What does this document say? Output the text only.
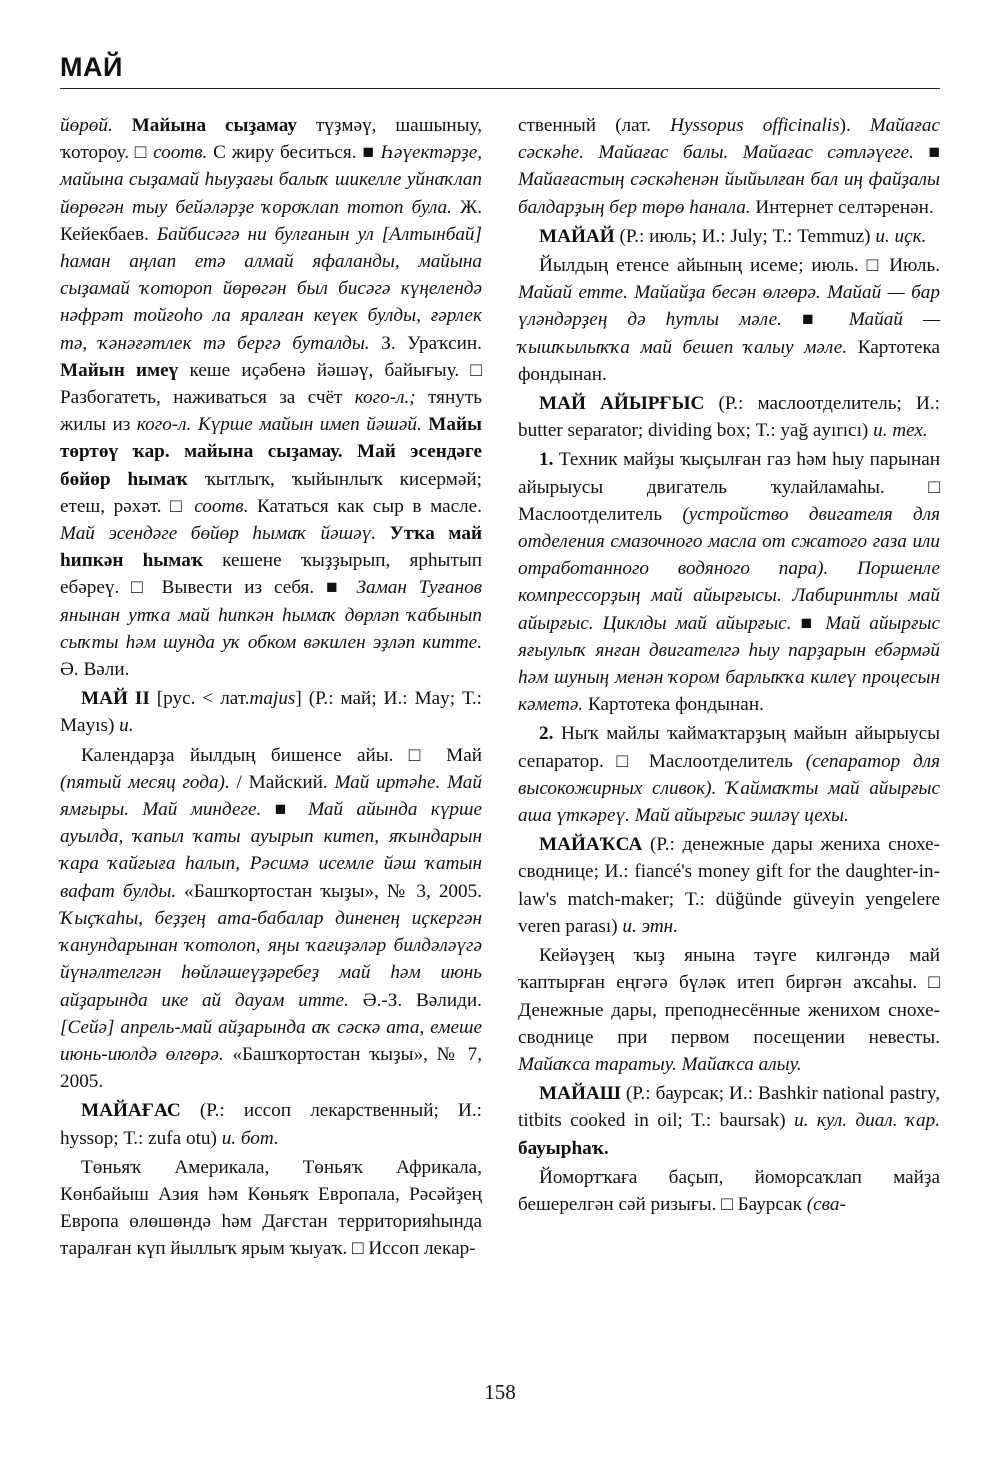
МАЙ

йөрөй. Майына сыҙамау түҙмәү, шашыныу, ҡотороу. □ соотв. С жиру беситься. ■ Һәүектәрҙе, майына сыҙамай һыуҙағы балыҡ шикелле уйнаҡлап йөрөгән тыу бейәләрҙе ҡороҡлап тотоп була. Ж. Кейекбаев. Байбисәгә ни булғанын ул [Алтынбай] һаман аңлап етә алмай яфаланды, майына сыҙамай ҡотороп йөрөгән был бисәгә күңелендә нәфрәт тойғоһо ла яралған кеүек булды, ғәрлек тә, ҡәнәғәтлек тә бергә буталды. З. Ураҡсин. Майын имеү кеше иҫәбенә йәшәү, байығыу. □ Разбогатеть, наживаться за счёт кого-л.; тянуть жилы из кого-л. Күрше майын имеп йәшәй. Майы төртөү ҡар. майына сыҙамау. Май эсендәге бөйөр һымаҡ ҡытлыҡ, ҡыйынлыҡ кисермәй; етеш, рәхәт. □ соотв. Кататься как сыр в масле. Май эсендәге бөйөр һымаҡ йәшәү. Утҡа май һипкән һымаҡ кешене ҡыҙҙырып, ярһытып ебәреү. □ Вывести из себя. ■ Заман Туғанов янынан утҡа май һипкән һымаҡ дөрләп ҡабынып сыҡты һәм шунда уҡ обком вәкилен эҙләп китте. Ә. Вәли.

МАЙ II [рус. < лат.majus] (Р.: май; И.: May; Т.: Mayıs) и.

Календарҙа йылдың бишенсе айы. □ Май (пятый месяц года). / Майский. Май иртәһе. Май ямғыры. Май миндеге. ■ Май айында күрше ауылда, ҡапыл ҡаты ауырып китеп, яҡындарын ҡара ҡайғыға һалып, Рәсимә исемле йәш ҡатын вафат булды. «Башҡортостан ҡыҙы», № 3, 2005. Ҡыҫҡаһы, беҙҙең ата-бабалар диненең иҫкергән ҡанундарынан ҡотолоп, яңы ҡағиҙәләр билдәләүгә йүнәлтелгән һөйләшеүҙәребеҙ май һәм июнь айҙарында ике ай дауам итте. Ә.-З. Вәлиди. [Сейә] апрель-май айҙарында аҡ сәскә ата, емеше июнь-июлдә өлгөрә. «Башҡортостан ҡыҙы», № 7, 2005.

МАЙАҒАС (Р.: иссоп лекарственный; И.: hyssop; Т.: zufa otu) и. бот.

Төньяҡ Америкала, Төньяҡ Африкала, Көнбайыш Азия һәм Көньяҡ Европала, Рәсәйҙең Европа өлөшөндә һәм Дағстан территорияһында таралған күп йыллыҡ ярым ҡыуаҡ. □ Иссоп лекар-

ственный (лат. Hyssopus officinalis). Майағас сәскәһе. Майағас балы. Майағас сәтләүеге. ■ Майағастың сәскәһенән йыйылған бал иң файҙалы балдарҙың бер төрө һанала. Интернет селтәренән.

МАЙАЙ (Р.: июль; И.: July; Т.: Temmuz) и. иҫк.

Йылдың етенсе айының исеме; июль. □ Июль. Майай етте. Майайҙа бесән өлгөрә. Майай — бар үләндәрҙең дә һутлы мәле. ■ Майай — ҡышҡылыҡҡа май бешеп ҡалыу мәле. Картотека фондынан.

МАЙ АЙЫРҒЫС (Р.: маслоотделитель; И.: butter separator; dividing box; Т.: yağ ayırıcı) и. тех.

1. Техник майҙы ҡыҫылған газ һәм һыу парынан айырыусы двигатель ҡулайламаһы. □ Маслоотделитель (устройство двигателя для отделения смазочного масла от сжатого газа или отработанного водяного пара). Поршенле компрессорҙың май айырғысы. Лабиринтлы май айырғыс. Циклды май айырғыс. ■ Май айырғыс яғыулыҡ янған двигателгә һыу парҙарын ебәрмәй һәм шуның менән ҡором барлыҡҡа килеү процесын кәметә. Картотека фондынан.

2. Ныҡ майлы ҡаймаҡтарҙың майын айырыусы сепаратор. □ Маслоотделитель (сепаратор для высокожирных сливок). Ҡаймаҡты май айырғыс аша үткәреү. Май айырғыс эшләү цехы.

МАЙАҠСА (Р.: денежные дары жениха снохе-сводницe; И.: fiancé's money gift for the daughter-in-law's match-maker; Т.: düğünde güveyin yengelere veren parası) и. этн.

Кейәүҙең ҡыҙ янына тәүге килгәндә май ҡаптырған еңгәгә бүләк итеп биргән аҡсаһы. □ Денежные дары, преподнесённые женихом снохе-сводницe при первом посещении невесты. Майаҡса таратыу. Майаҡса алыу.

МАЙАШ (Р.: баурсак; И.: Bashkir national pastry, titbits cooked in oil; Т.: baursak) и. кул. диал. ҡар. бауырһаҡ.

Йомортҡаға баҫып, йоморсаҡлап майҙа бешерелгән сәй ризығы. □ Баурсак (сва-

158
